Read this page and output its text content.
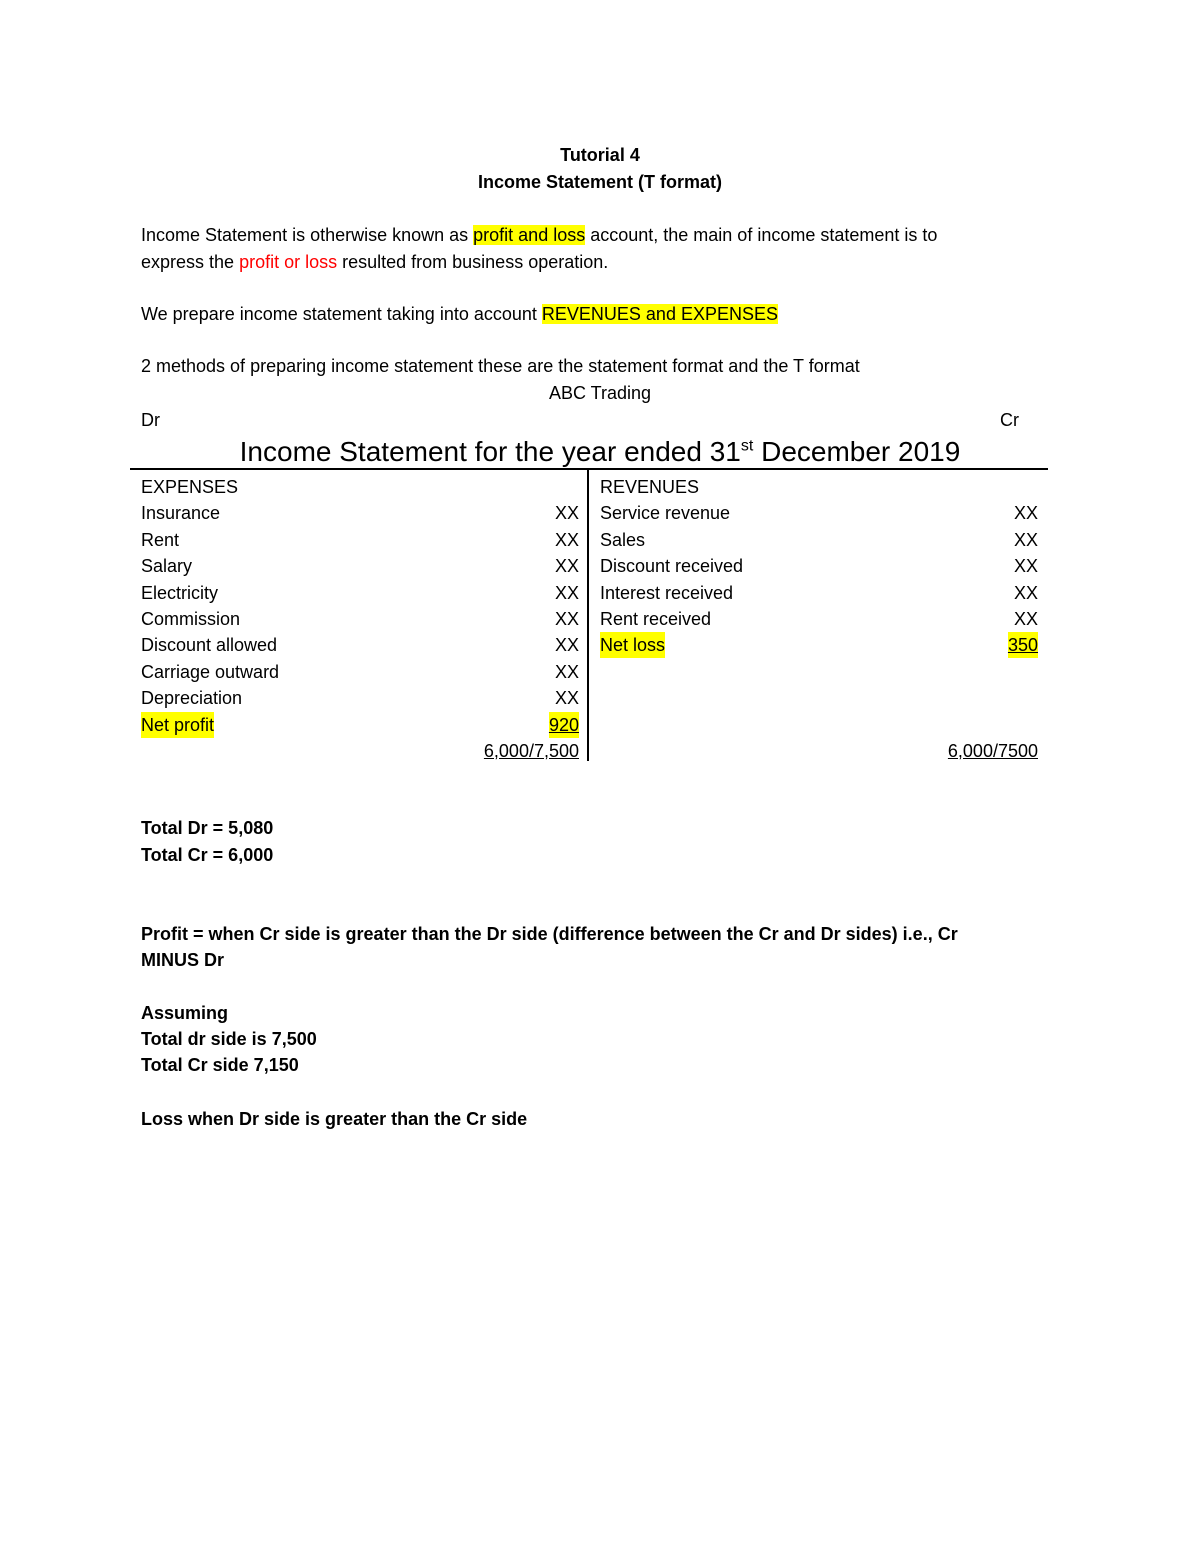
Tutorial 4
Income Statement (T format)
Income Statement is otherwise known as profit and loss account, the main of income statement is to
express the profit or loss resulted from business operation.
We prepare income statement taking into account REVENUES and EXPENSES
2 methods of preparing income statement these are the statement format and the T format
ABC Trading
Dr	Cr
Income Statement for the year ended 31st December 2019
EXPENSES
Insurance	XX
Rent	XX
Salary	XX
Electricity	XX
Commission	XX
Discount allowed	XX
Carriage outward	XX
Depreciation	XX
Net profit	920
6,000/7,500
REVENUES
Service revenue	XX
Sales	XX
Discount received	XX
Interest received	XX
Rent received	XX
Net loss	350
6,000/7500
Total Dr = 5,080
Total Cr = 6,000
Profit = when Cr side is greater than the Dr side (difference between the Cr and Dr sides) i.e., Cr
MINUS Dr
Assuming
Total dr side is 7,500
Total Cr side 7,150
Loss when Dr side is greater than the Cr side
